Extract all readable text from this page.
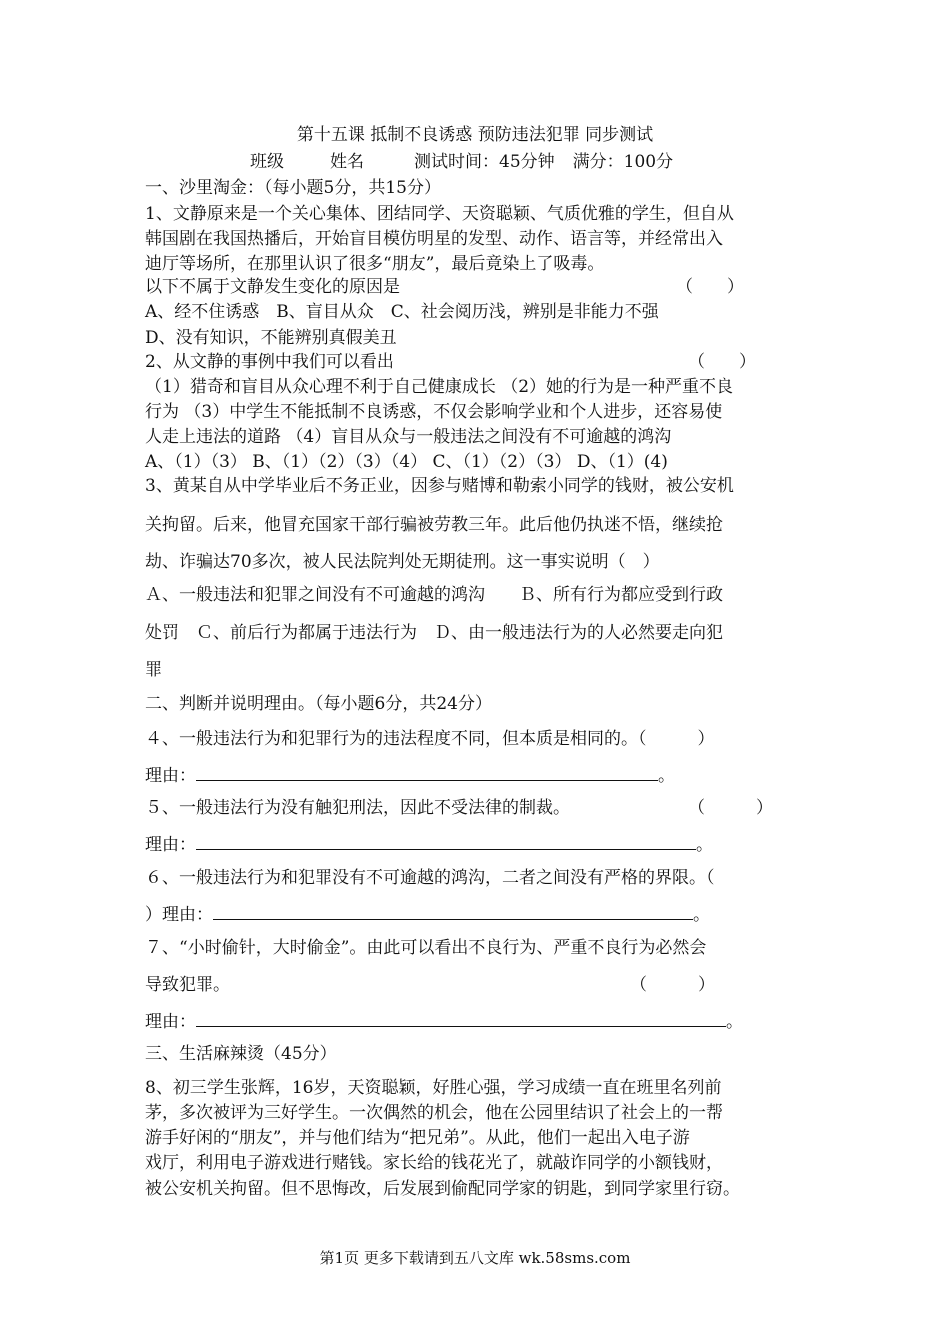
第十五课 抵制不良诱惑 预防违法犯罪 同步测试
班级	姓名	测试时间：45分钟 满分：100分
一、沙里淘金：（每小题5分，共15分）
1、文静原来是一个关心集体、团结同学、天资聪颖、气质优雅的学生，但自从
韩国剧在我国热播后，开始盲目模仿明星的发型、动作、语言等，并经常出入
迪厅等场所，在那里认识了很多“朋友”，最后竟染上了吸毒。
以下不属于文静发生变化的原因是	（　　）
A、经不住诱惑　B、盲目从众　C、社会阅历浅，辨别是非能力不强
D、没有知识，不能辨别真假美丑
2、从文静的事例中我们可以看出	（　　）
（1）猎奇和盲目从众心理不利于自己健康成长 （2）她的行为是一种严重不良
行为 （3）中学生不能抵制不良诱惑，不仅会影响学业和个人进步，还容易使
人走上违法的道路 （4）盲目从众与一般违法之间没有不可逾越的鸿沟
A、（1）（3） B、（1）（2）（3）（4） C、（1）（2）（3） D、（1）(4)
3、黄某自从中学毕业后不务正业，因参与赌博和勒索小同学的钱财，被公安机
关拘留。后来，他冒充国家干部行骗被劳教三年。此后他仍执迷不悟，继续抢
劫、诈骗达70多次，被人民法院判处无期徒刑。这一事实说明（　）
Ａ、一般违法和犯罪之间没有不可逾越的鸿沟　　Ｂ、所有行为都应受到行政
处罚　Ｃ、前后行为都属于违法行为　Ｄ、由一般违法行为的人必然要走向犯
罪
二、判断并说明理由。（每小题6分，共24分）
４、一般违法行为和犯罪行为的违法程度不同，但本质是相同的。（　　　）
理由：	。
５、一般违法行为没有触犯刑法，因此不受法律的制裁。	（　　　）
理由：	。
６、一般违法行为和犯罪没有不可逾越的鸿沟，二者之间没有严格的界限。（
）理由：	。
７、“小时偷针，大时偷金”。由此可以看出不良行为、严重不良行为必然会
导致犯罪。	（　　　）
理由：	。
三、生活麻辣烫（45分）
8、初三学生张辉，16岁，天资聪颖，好胜心强，学习成绩一直在班里名列前
茅，多次被评为三好学生。一次偶然的机会，他在公园里结识了社会上的一帮
游手好闲的“朋友”，并与他们结为“把兄弟”。从此，他们一起出入电子游
戏厅，利用电子游戏进行赌钱。家长给的钱花光了，就敲诈同学的小额钱财，
被公安机关拘留。但不思悔改，后发展到偷配同学家的钥匙，到同学家里行窃。
第1页 更多下载请到五八文库 wk.58sms.com
